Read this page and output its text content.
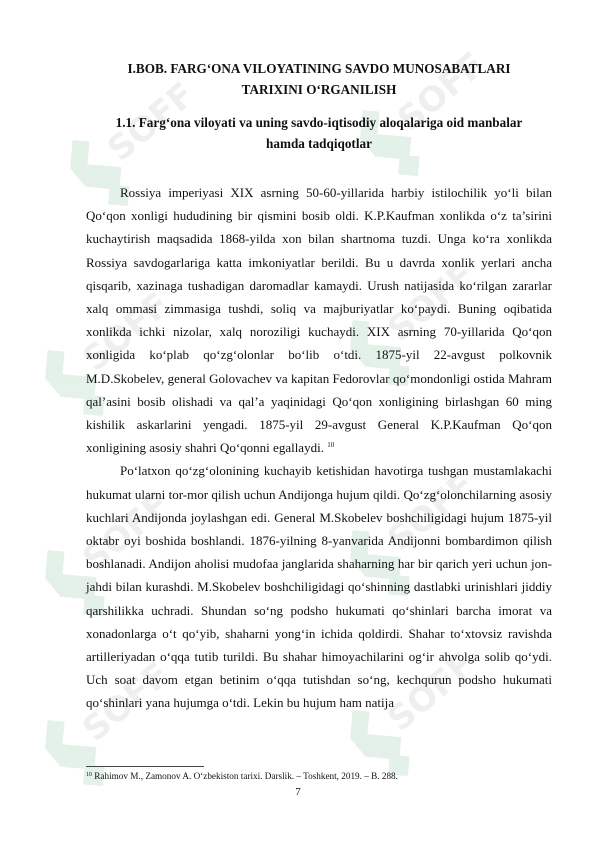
SOFF	SOFF
SOFF	SOFF
SOFF	SOFF
SOFF	SOFF
I.BOB. FARG‘ONA VILOYATINING SAVDO MUNOSABATLARI
TARIXINI O‘RGANILISH
1.1. Farg‘ona viloyati va uning savdo-iqtisodiy aloqalariga oid manbalar
hamda tadqiqotlar

Rossiya imperiyasi XIX asrning 50-60-yillarida harbiy istilochilik yo‘li bilan Qo‘qon xonligi hududining bir qismini bosib oldi. K.P.Kaufman xonlikda o‘z ta’sirini kuchaytirish maqsadida 1868-yilda xon bilan shartnoma tuzdi. Unga ko‘ra xonlikda Rossiya savdogarlariga katta imkoniyatlar berildi. Bu u davrda xonlik yerlari ancha qisqarib, xazinaga tushadigan daromadlar kamaydi. Urush natijasida ko‘rilgan zararlar xalq ommasi zimmasiga tushdi, soliq va majburiyatlar ko‘paydi. Buning oqibatida xonlikda ichki nizolar, xalq noroziligi kuchaydi. XIX asrning 70-yillarida Qo‘qon xonligida ko‘plab qo‘zg‘olonlar bo‘lib o‘tdi. 1875-yil 22-avgust polkovnik M.D.Skobelev, general Golovachev va kapitan Fedorovlar qo‘mondonligi ostida Mahram qal’asini bosib olishadi va qal’a yaqinidagi Qo‘qon xonligining birlashgan 60 ming kishilik askarlarini yengadi. 1875-yil 29-avgust General K.P.Kaufman Qo‘qon xonligining asosiy shahri Qo‘qonni egallaydi. $^{10}$

Po‘latxon qo‘zg‘olonining kuchayib ketishidan havotirga tushgan mustamlakachi hukumat ularni tor-mor qilish uchun Andijonga hujum qildi. Qo‘zg‘olonchilarning asosiy kuchlari Andijonda joylashgan edi. General M.Skobelev boshchiligidagi hujum 1875-yil oktabr oyi boshida boshlandi. 1876-yilning 8-yanvarida Andijonni bombardimon qilish boshlanadi. Andijon aholisi mudofaa janglarida shaharning har bir qarich yeri uchun jon-jahdi bilan kurashdi. M.Skobelev boshchiligidagi qo‘shinning dastlabki urinishlari jiddiy qarshilikka uchradi. Shundan so‘ng podsho hukumati qo‘shinlari barcha imorat va xonadonlarga o‘t qo‘yib, shaharni yong‘in ichida qoldirdi. Shahar to‘xtovsiz ravishda artilleriyadan o‘qqa tutib turildi. Bu shahar himoyachilarini og‘ir ahvolga solib qo‘ydi. Uch soat davom etgan betinim o‘qqa tutishdan so‘ng, kechqurun podsho hukumati qo‘shinlari yana hujumga o‘tdi. Lekin bu hujum ham natija

$^{10}$ Rahimov M., Zamonov A. O‘zbekiston tarixi. Darslik. – Toshkent, 2019. – B. 288.
7
